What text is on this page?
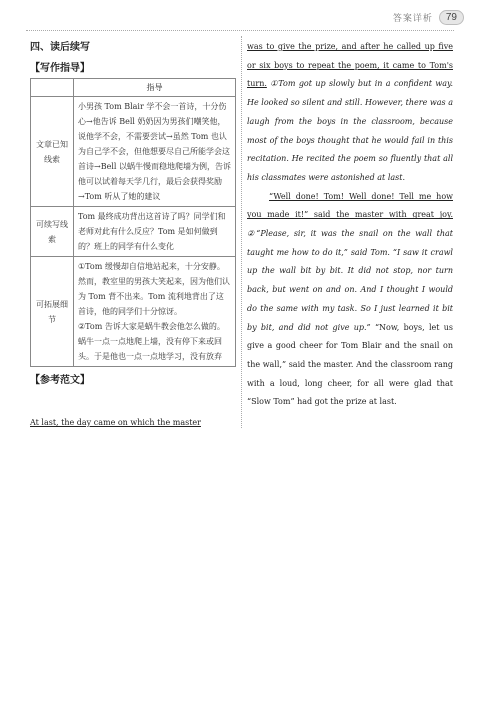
答案详析	79
四、读后续写
【写作指导】
	指导
文章已知线索	小男孩 Tom Blair 学不会一首诗，十分伤心→他告诉 Bell 奶奶因为男孩们嘲笑他，说他学不会，不需要尝试→虽然 Tom 也认为自己学不会，但他想要尽自己所能学会这首诗→Bell 以蜗牛慢而稳地爬墙为例，告诉他可以试着每天学几行，最后会获得奖励→Tom 听从了她的建议
可续写线索	Tom 最终成功背出这首诗了吗？同学们和老师对此有什么反应？Tom 是如何做到的？班上的同学有什么变化
可拓展细节	①Tom 缓慢却自信地站起来，十分安静。然而，教室里的男孩大笑起来，因为他们认为 Tom 背不出来。Tom 流利地背出了这首诗，他的同学们十分惊讶。

②Tom 告诉大家是蜗牛教会他怎么做的。蜗牛一点一点地爬上墙，没有停下来或回头。于是他也一点一点地学习，没有放弃

【参考范文】
At last, the day came on which the master

was to give the prize, and after he called up five or six boys to repeat the poem, it came to Tom's turn. ①Tom got up slowly but in a confident way. He looked so silent and still. However, there was a laugh from the boys in the classroom, because most of the boys thought that he would fail in this recitation. He recited the poem so fluently that all his classmates were astonished at last.

“Well done! Tom! Well done! Tell me how you made it!” said the master with great joy. ②“Please, sir, it was the snail on the wall that taught me how to do it,” said Tom. “I saw it crawl up the wall bit by bit. It did not stop, nor turn back, but went on and on. And I thought I would do the same with my task. So I just learned it bit by bit, and did not give up.” “Now, boys, let us give a good cheer for Tom Blair and the snail on the wall,” said the master. And the classroom rang with a loud, long cheer, for all were glad that “Slow Tom” had got the prize at last.
